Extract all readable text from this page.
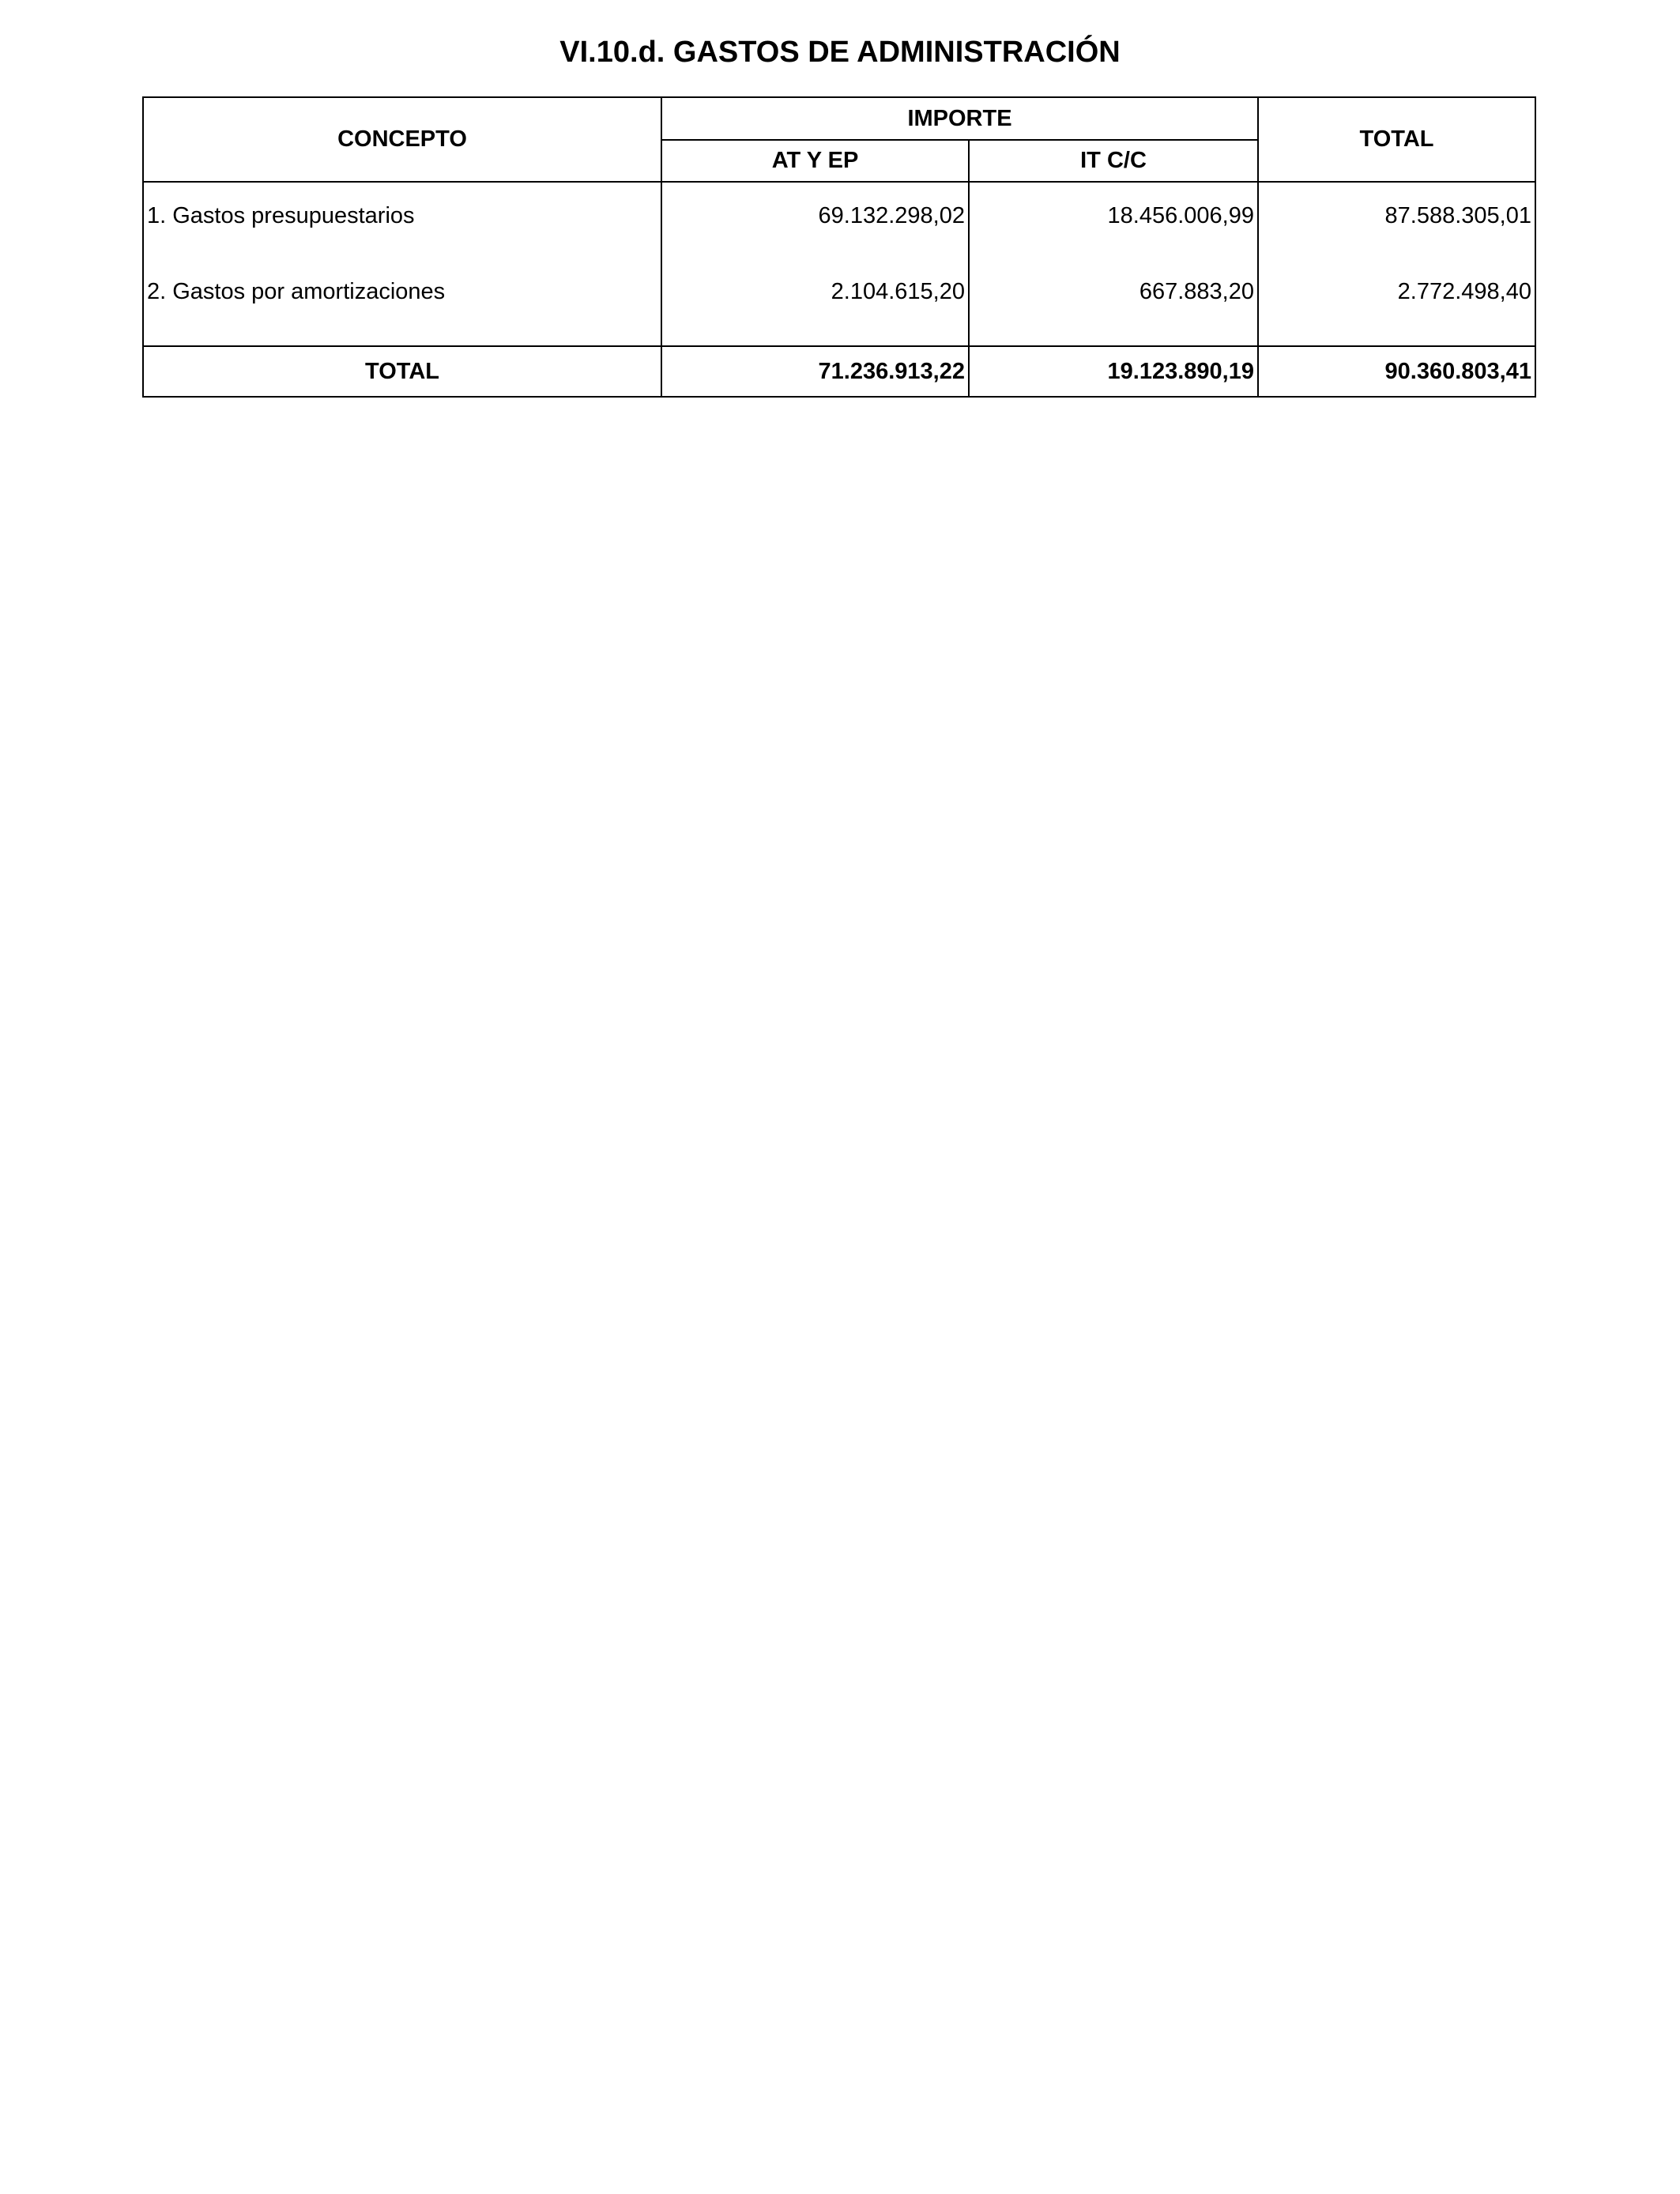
VI.10.d. GASTOS DE ADMINISTRACIÓN
CONCEPTO	IMPORTE		TOTAL
	AT Y EP	IT C/C	
1. Gastos presupuestarios	69.132.298,02	18.456.006,99	87.588.305,01
2. Gastos por amortizaciones	2.104.615,20	667.883,20	2.772.498,40
TOTAL	71.236.913,22	19.123.890,19	90.360.803,41
